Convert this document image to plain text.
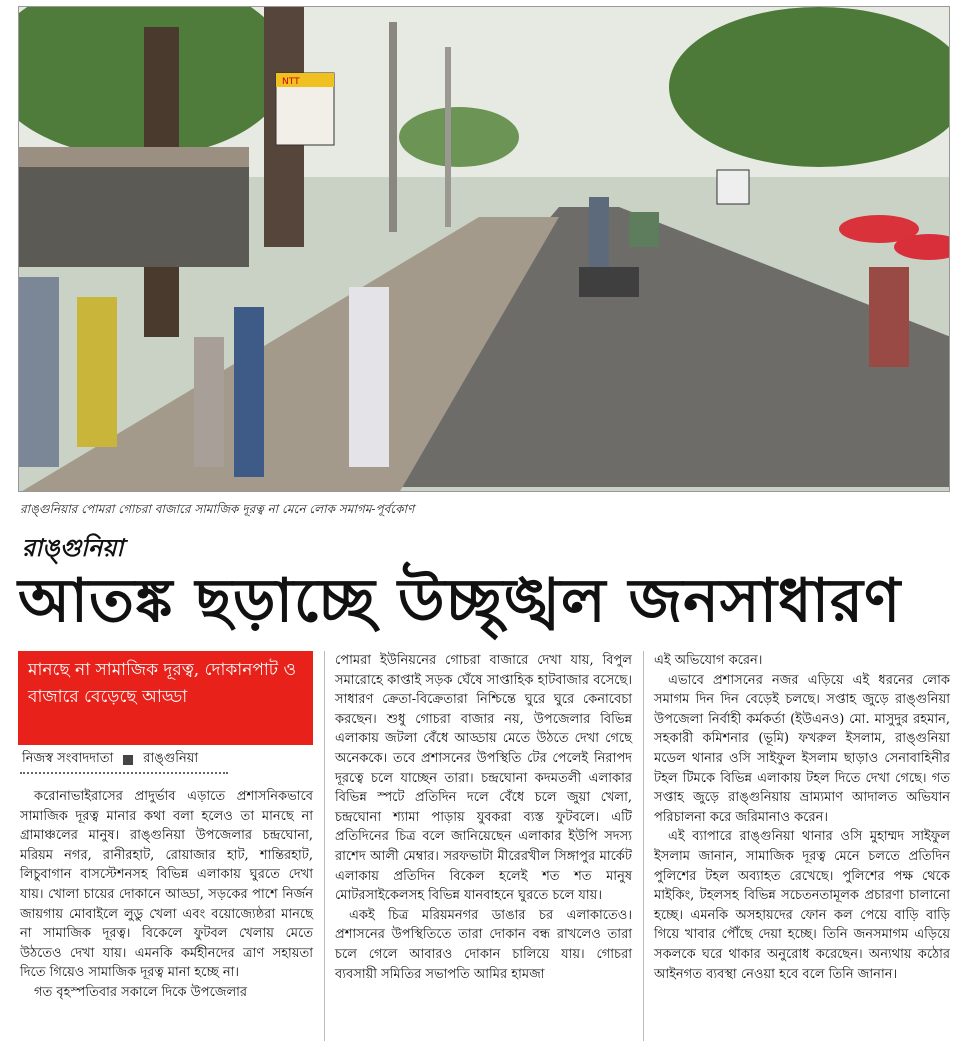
NTT
রাঙ্গুনিয়ার পোমরা গোচরা বাজারে সামাজিক দূরত্ব না মেনে লোক সমাগম-পূর্বকোণ
রাঙ্গুনিয়া
আতঙ্ক ছড়াচ্ছে উচ্ছৃঙ্খল জনসাধারণ
মানছে না সামাজিক দূরত্ব, দোকানপাট ও বাজারে বেড়েছে আড্ডা
নিজস্ব সংবাদদাতা রাঙ্গুনিয়া

করোনাভাইরাসের প্রাদুর্ভাব এড়াতে প্রশাসনিকভাবে সামাজিক দূরত্ব মানার কথা বলা হলেও তা মানছে না গ্রামাঞ্চলের মানুষ। রাঙ্গুনিয়া উপজেলার চন্দ্রঘোনা, মরিয়ম নগর, রানীরহাট, রোয়াজার হাট, শান্তিরহাট, লিচুবাগান বাসস্টেশনসহ বিভিন্ন এলাকায় ঘুরতে দেখা যায়। খোলা চায়ের দোকানে আড্ডা, সড়কের পাশে নির্জন জায়গায় মোবাইলে লুডু খেলা এবং বয়োজ্যেষ্ঠরা মানছে না সামাজিক দূরত্ব। বিকেলে ফুটবল খেলায় মেতে উঠতেও দেখা যায়। এমনকি কর্মহীনদের ত্রাণ সহায়তা দিতে গিয়েও সামাজিক দূরত্ব মানা হচ্ছে না।

গত বৃহস্পতিবার সকালে দিকে উপজেলার

পোমরা ইউনিয়নের গোচরা বাজারে দেখা যায়, বিপুল সমারোহে কাপ্তাই সড়ক ঘেঁষে সাপ্তাহিক হাটবাজার বসেছে। সাধারণ ক্রেতা-বিক্রেতারা নিশ্চিন্তে ঘুরে ঘুরে কেনাবেচা করছেন। শুধু গোচরা বাজার নয়, উপজেলার বিভিন্ন এলাকায় জটলা বেঁধে আড্ডায় মেতে উঠতে দেখা গেছে অনেককে। তবে প্রশাসনের উপস্থিতি টের পেলেই নিরাপদ দূরত্বে চলে যাচ্ছেন তারা। চন্দ্রঘোনা কদমতলী এলাকার বিভিন্ন স্পটে প্রতিদিন দলে বেঁধে চলে জুয়া খেলা, চন্দ্রঘোনা শ্যামা পাড়ায় যুবকরা ব্যস্ত ফুটবলে। এটি প্রতিদিনের চিত্র বলে জানিয়েছেন এলাকার ইউপি সদস্য রাশেদ আলী মেম্বার। সরফভাটা মীরেরখীল সিঙ্গাপুর মার্কেট এলাকায় প্রতিদিন বিকেল হলেই শত শত মানুষ মোটরসাইকেলসহ বিভিন্ন যানবাহনে ঘুরতে চলে যায়।

একই চিত্র মরিয়মনগর ডাঙার চর এলাকাতেও। প্রশাসনের উপস্থিতিতে তারা দোকান বন্ধ রাখলেও তারা চলে গেলে আবারও দোকান চালিয়ে যায়। গোচরা ব্যবসায়ী সমিতির সভাপতি আমির হামজা

এই অভিযোগ করেন।

এভাবে প্রশাসনের নজর এড়িয়ে এই ধরনের লোক সমাগম দিন দিন বেড়েই চলছে। সপ্তাহ জুড়ে রাঙ্গুনিয়া উপজেলা নির্বাহী কর্মকর্তা (ইউএনও) মো. মাসুদুর রহমান, সহকারী কমিশনার (ভূমি) ফখরুল ইসলাম, রাঙ্গুনিয়া মডেল থানার ওসি সাইফুল ইসলাম ছাড়াও সেনাবাহিনীর টহল টিমকে বিভিন্ন এলাকায় টহল দিতে দেখা গেছে। গত সপ্তাহ জুড়ে রাঙ্গুনিয়ায় ভ্রাম্যমাণ আদালত অভিযান পরিচালনা করে জরিমানাও করেন।

এই ব্যাপারে রাঙ্গুনিয়া থানার ওসি মুহাম্মদ সাইফুল ইসলাম জানান, সামাজিক দূরত্ব মেনে চলতে প্রতিদিন পুলিশের টহল অব্যাহত রেখেছে। পুলিশের পক্ষ থেকে মাইকিং, টহলসহ বিভিন্ন সচেতনতামূলক প্রচারণা চালানো হচ্ছে। এমনকি অসহায়দের ফোন কল পেয়ে বাড়ি বাড়ি গিয়ে খাবার পৌঁছে দেয়া হচ্ছে। তিনি জনসমাগম এড়িয়ে সকলকে ঘরে থাকার অনুরোধ করেছেন। অন্যথায় কঠোর আইনগত ব্যবস্থা নেওয়া হবে বলে তিনি জানান।
